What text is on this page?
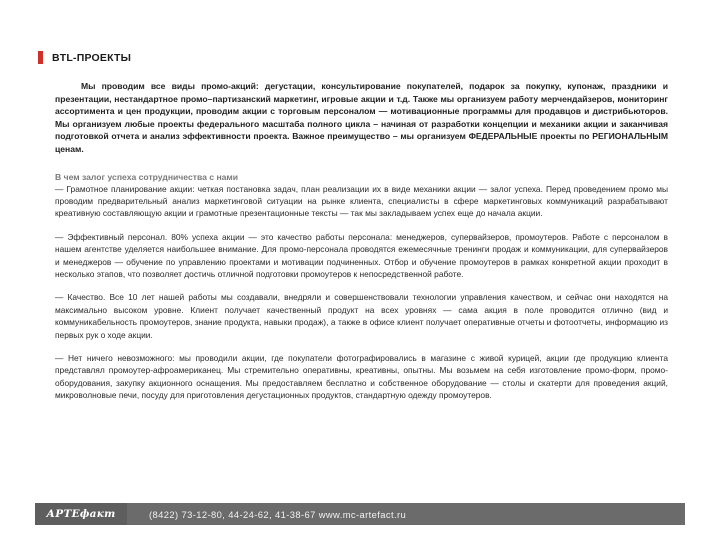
BTL-ПРОЕКТЫ

Мы проводим все виды промо-акций: дегустации, консультирование покупателей, подарок за покупку, купонаж, праздники и презентации, нестандартное промо–партизанский маркетинг, игровые акции и т.д. Также мы организуем работу мерчендайзеров, мониторинг ассортимента и цен продукции, проводим акции с торговым персоналом — мотивационные программы для продавцов и дистрибьюторов. Мы организуем любые проекты федерального масштаба полного цикла – начиная от разработки концепции и механики акции и заканчивая подготовкой отчета и анализ эффективности проекта. Важное преимущество – мы организуем ФЕДЕРАЛЬНЫЕ проекты по РЕГИОНАЛЬНЫМ ценам.

В чем залог успеха сотрудничества с нами

— Грамотное планирование акции: четкая постановка задач, план реализации их в виде механики акции — залог успеха. Перед проведением промо мы проводим предварительный анализ маркетинговой ситуации на рынке клиента, специалисты в сфере маркетинговых коммуникаций разрабатывают креативную составляющую акции и грамотные презентационные тексты — так мы закладываем успех еще до начала акции.

— Эффективный персонал. 80% успеха акции — это качество работы персонала: менеджеров, супервайзеров, промоутеров. Работе с персоналом в нашем агентстве уделяется наибольшее внимание. Для промо-персонала проводятся ежемесячные тренинги продаж и коммуникации, для супервайзеров и менеджеров — обучение по управлению проектами и мотивации подчиненных. Отбор и обучение промоутеров в рамках конкретной акции проходит в несколько этапов, что позволяет достичь отличной подготовки промоутеров к непосредственной работе.

— Качество. Все 10 лет нашей работы мы создавали, внедряли и совершенствовали технологии управления качеством, и сейчас они находятся на максимально высоком уровне. Клиент получает качественный продукт на всех уровнях — сама акция в поле проводится отлично (вид и коммуникабельность промоутеров, знание продукта, навыки продаж), а также в офисе клиент получает оперативные отчеты и фотоотчеты, информацию из первых рук о ходе акции.

— Нет ничего невозможного: мы проводили акции, где покупатели фотографировались в магазине с живой курицей, акции где продукцию клиента представлял промоутер-афроамериканец. Мы стремительно оперативны, креативны, опытны. Мы возьмем на себя изготовление промо-форм, промо-оборудования, закупку акционного оснащения. Мы предоставляем бесплатно и собственное оборудование — столы и скатерти для проведения акций, микроволновые печи, посуду для приготовления дегустационных продуктов, стандартную одежду промоутеров.

АРТЕфакт	(8422) 73-12-80, 44-24-62, 41-38-67 www.mc-artefact.ru
